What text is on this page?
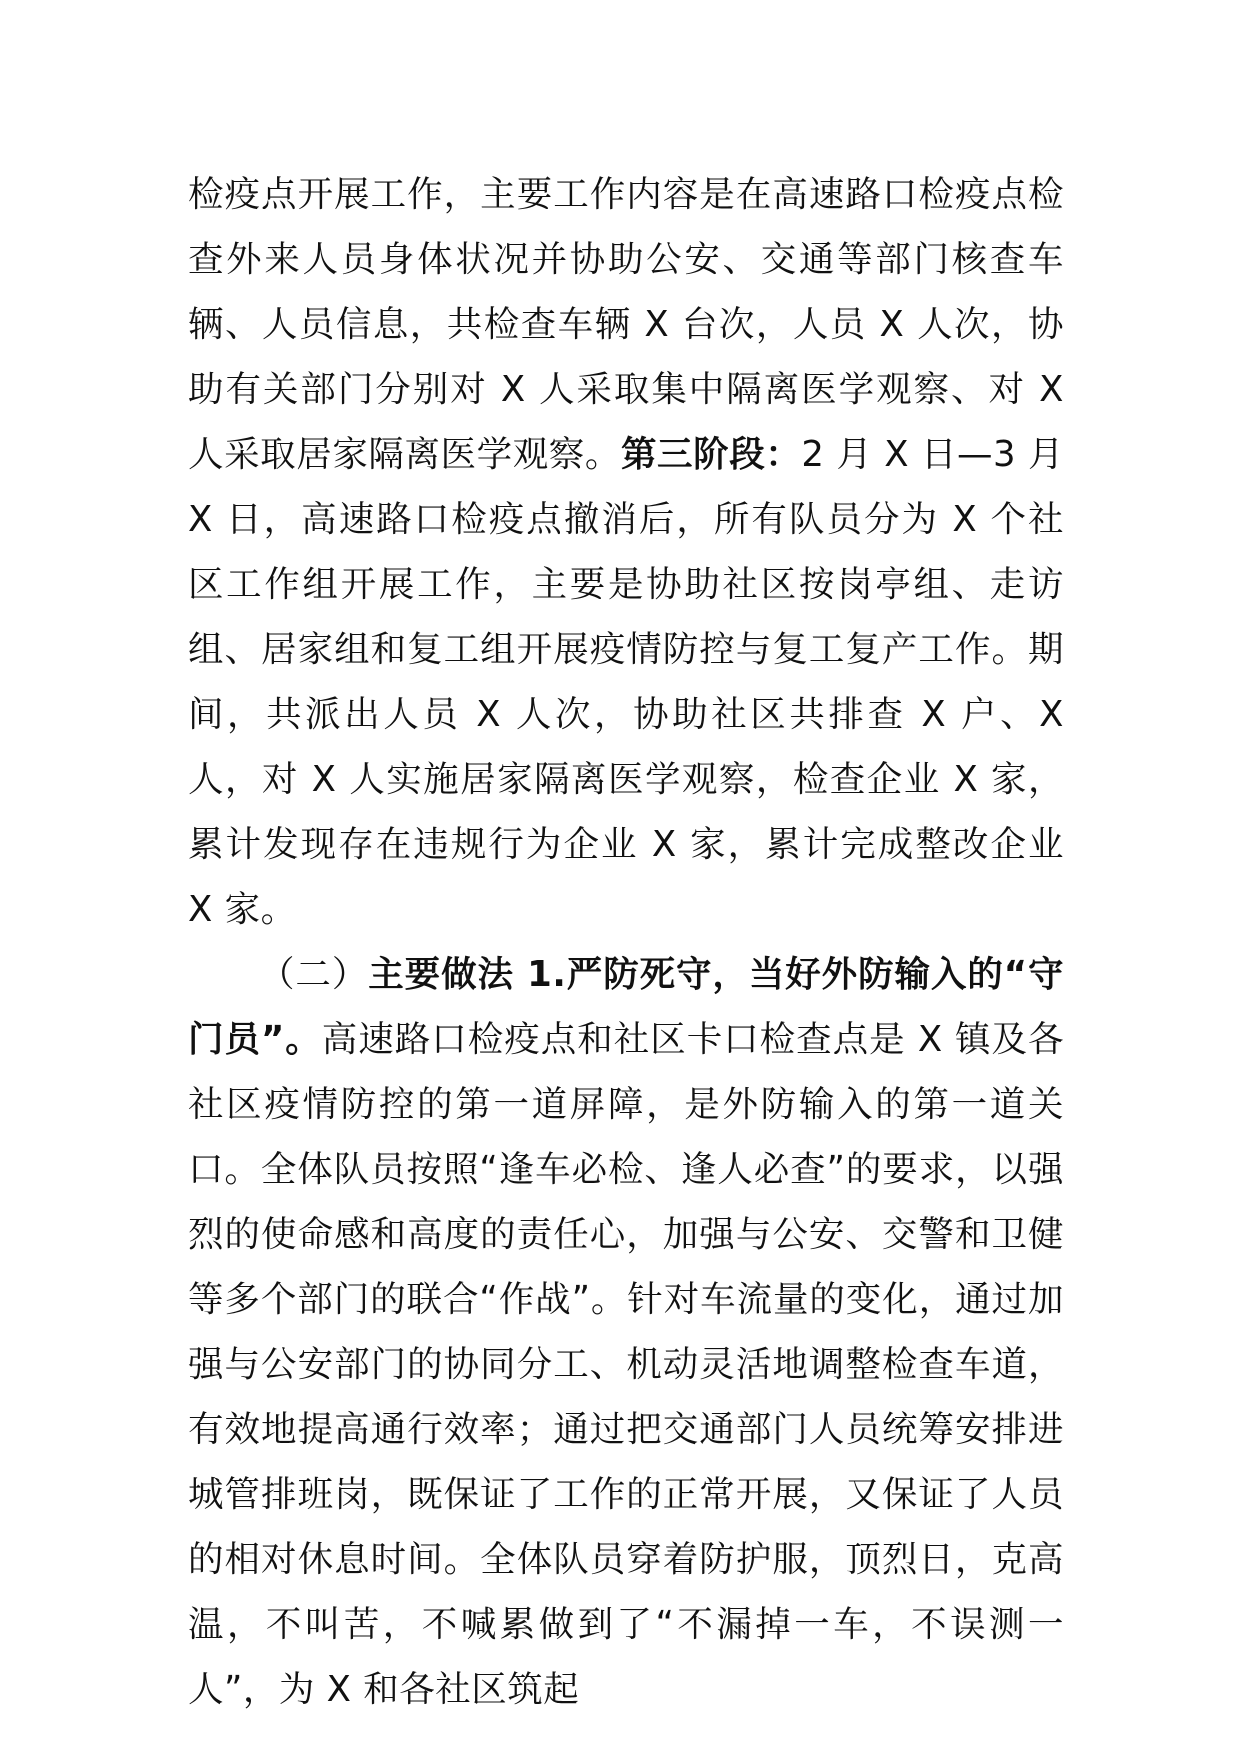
检疫点开展工作，主要工作内容是在高速路口检疫点检查外来人员身体状况并协助公安、交通等部门核查车辆、人员信息，共检查车辆 X 台次，人员 X 人次，协助有关部门分别对 X 人采取集中隔离医学观察、对 X 人采取居家隔离医学观察。第三阶段：2 月 X 日—3 月 X 日，高速路口检疫点撤消后，所有队员分为 X 个社区工作组开展工作，主要是协助社区按岗亭组、走访组、居家组和复工组开展疫情防控与复工复产工作。期间，共派出人员 X 人次，协助社区共排查 X 户、X 人，对 X 人实施居家隔离医学观察，检查企业 X 家，累计发现存在违规行为企业 X 家，累计完成整改企业 X 家。

（二）主要做法 1.严防死守，当好外防输入的“守门员”。高速路口检疫点和社区卡口检查点是 X 镇及各社区疫情防控的第一道屏障，是外防输入的第一道关口。全体队员按照“逢车必检、逢人必查”的要求，以强烈的使命感和高度的责任心，加强与公安、交警和卫健等多个部门的联合“作战”。针对车流量的变化，通过加强与公安部门的协同分工、机动灵活地调整检查车道，有效地提高通行效率；通过把交通部门人员统筹安排进城管排班岗，既保证了工作的正常开展，又保证了人员的相对休息时间。全体队员穿着防护服，顶烈日，克高温，不叫苦，不喊累做到了“不漏掉一车，不误测一人”，为 X 和各社区筑起
